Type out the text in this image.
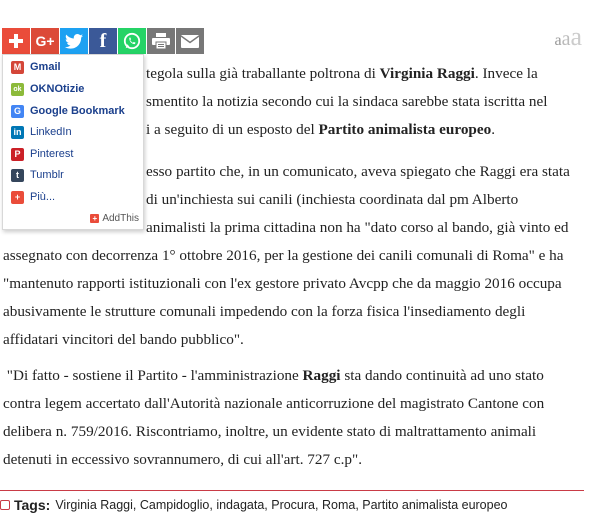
G+ f	aaa
tegola sulla già traballante poltrona di Virginia Raggi. Invece la
smentito la notizia secondo cui la sindaca sarebbe stata iscritta nel
i a seguito di un esposto del Partito animalista europeo.
esso partito che, in un comunicato, aveva spiegato che Raggi era stata
di un'inchiesta sui canili (inchiesta coordinata dal pm Alberto
animalisti la prima cittadina non ha "dato corso al bando, già vinto ed
assegnato con decorrenza 1° ottobre 2016, per la gestione dei canili comunali di Roma" e ha
"mantenuto rapporti istituzionali con l'ex gestore privato Avcpp che da maggio 2016 occupa
abusivamente le strutture comunali impedendo con la forza fisica l'insediamento degli
affidatari vincitori del bando pubblico".
"Di fatto - sostiene il Partito - l'amministrazione Raggi sta dando continuità ad uno stato
contra legem accertato dall'Autorità nazionale anticorruzione del magistrato Cantone con
delibera n. 759/2016. Riscontriamo, inoltre, un evidente stato di maltrattamento animali
detenuti in eccessivo sovrannumero, di cui all'art. 727 c.p".
M Gmail
ok OKNOtizie
G Google Bookmark
in LinkedIn
P Pinterest
t	Tumblr
+ Più...
+ AddThis
Tags: Virginia Raggi , Campidoglio , indagata , Procura , Roma , Partito animalista europeo
